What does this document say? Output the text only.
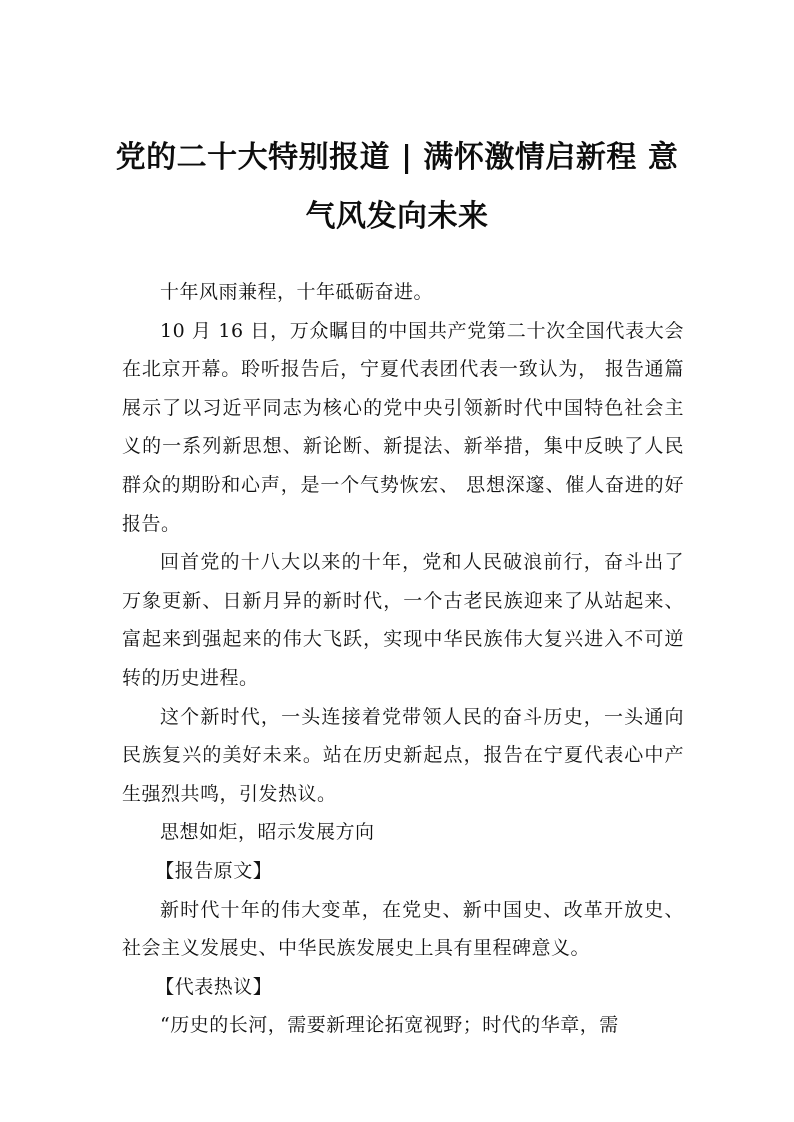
党的二十大特别报道 | 满怀激情启新程 意气风发向未来

十年风雨兼程，十年砥砺奋进。

10 月 16 日，万众瞩目的中国共产党第二十次全国代表大会在北京开幕。聆听报告后，宁夏代表团代表一致认为， 报告通篇展示了以习近平同志为核心的党中央引领新时代中国特色社会主义的一系列新思想、新论断、新提法、新举措，集中反映了人民群众的期盼和心声，是一个气势恢宏、 思想深邃、催人奋进的好报告。

回首党的十八大以来的十年，党和人民破浪前行，奋斗出了万象更新、日新月异的新时代，一个古老民族迎来了从站起来、富起来到强起来的伟大飞跃，实现中华民族伟大复兴进入不可逆转的历史进程。

这个新时代，一头连接着党带领人民的奋斗历史，一头通向民族复兴的美好未来。站在历史新起点，报告在宁夏代表心中产生强烈共鸣，引发热议。

思想如炬，昭示发展方向

【报告原文】

新时代十年的伟大变革，在党史、新中国史、改革开放史、社会主义发展史、中华民族发展史上具有里程碑意义。

【代表热议】

“历史的长河，需要新理论拓宽视野；时代的华章，需
